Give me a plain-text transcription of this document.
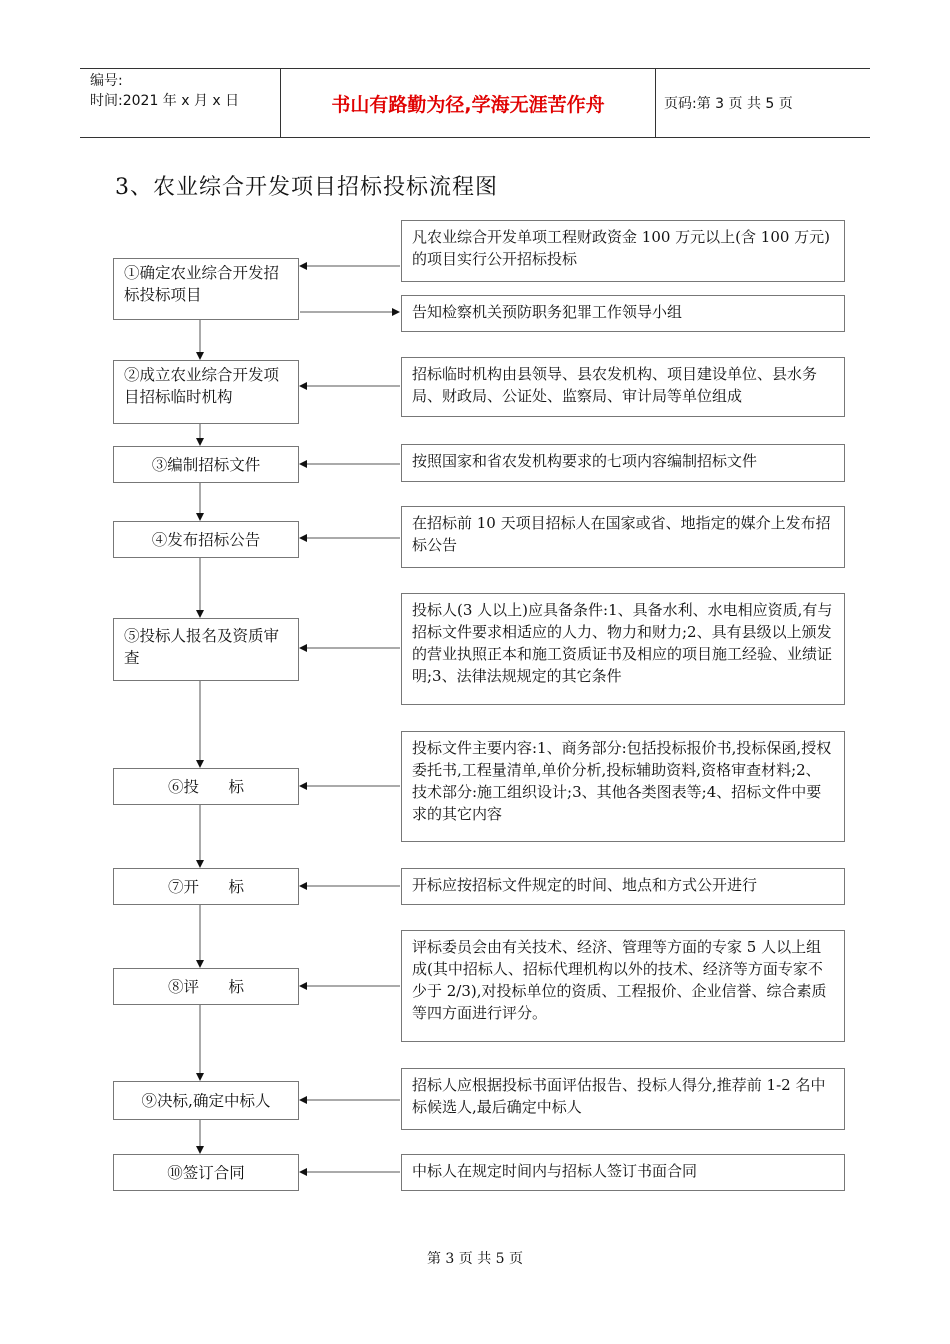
编号:
时间:2021 年 x 月 x 日	书山有路勤为径,学海无涯苦作舟	页码:第 3 页 共 5 页
3、农业综合开发项目招标投标流程图
①确定农业综合开发招标投标项目
②成立农业综合开发项目招标临时机构
③编制招标文件
④发布招标公告
⑤投标人报名及资质审查
⑥投      标
⑦开      标
⑧评      标
⑨决标,确定中标人
⑩签订合同
凡农业综合开发单项工程财政资金 100 万元以上(含 100 万元)的项目实行公开招标投标
告知检察机关预防职务犯罪工作领导小组
招标临时机构由县领导、县农发机构、项目建设单位、县水务局、财政局、公证处、监察局、审计局等单位组成
按照国家和省农发机构要求的七项内容编制招标文件
在招标前 10 天项目招标人在国家或省、地指定的媒介上发布招标公告
投标人(3 人以上)应具备条件:1、具备水利、水电相应资质,有与招标文件要求相适应的人力、物力和财力;2、具有县级以上颁发的营业执照正本和施工资质证书及相应的项目施工经验、业绩证明;3、法律法规规定的其它条件
投标文件主要内容:1、商务部分:包括投标报价书,投标保函,授权委托书,工程量清单,单价分析,投标辅助资料,资格审查材料;2、技术部分:施工组织设计;3、其他各类图表等;4、招标文件中要求的其它内容
开标应按招标文件规定的时间、地点和方式公开进行
评标委员会由有关技术、经济、管理等方面的专家 5 人以上组成(其中招标人、招标代理机构以外的技术、经济等方面专家不少于 2/3),对投标单位的资质、工程报价、企业信誉、综合素质等四方面进行评分。
招标人应根据投标书面评估报告、投标人得分,推荐前 1-2 名中标候选人,最后确定中标人
中标人在规定时间内与招标人签订书面合同
第 3 页 共 5 页
